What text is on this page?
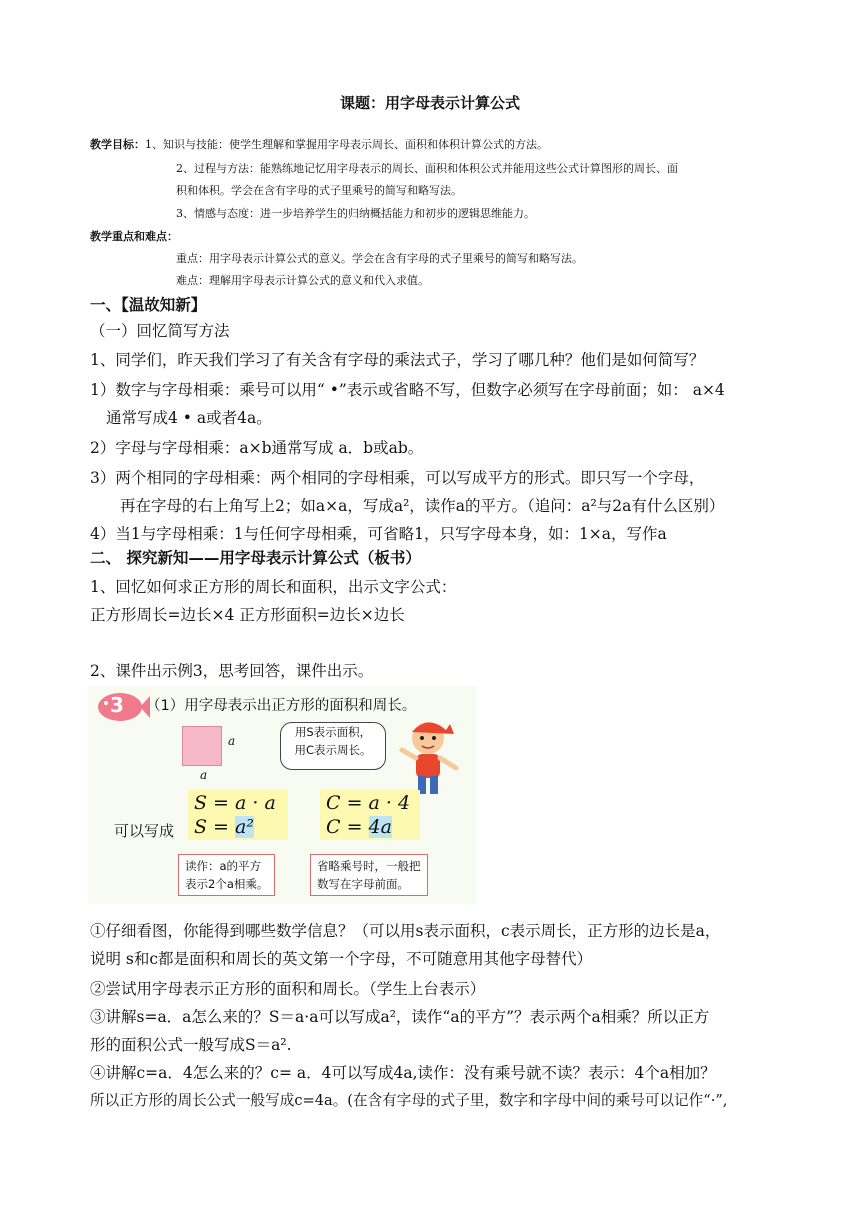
课题：用字母表示计算公式
教学目标：1、知识与技能：使学生理解和掌握用字母表示周长、面积和体积计算公式的方法。
2、过程与方法：能熟练地记忆用字母表示的周长、面积和体积公式并能用这些公式计算图形的周长、面
积和体积。学会在含有字母的式子里乘号的简写和略写法。
3、情感与态度：进一步培养学生的归纳概括能力和初步的逻辑思维能力。
教学重点和难点：
重点：用字母表示计算公式的意义。学会在含有字母的式子里乘号的简写和略写法。
难点：理解用字母表示计算公式的意义和代入求值。
一、【温故知新】
（一）回忆简写方法
1、同学们，昨天我们学习了有关含有字母的乘法式子，学习了哪几种？他们是如何简写？
1）数字与字母相乘：乘号可以用“ •”表示或省略不写，但数字必须写在字母前面；如： a×4
通常写成4 • a或者4a。
2）字母与字母相乘：a×b通常写成 a．b或ab。
3）两个相同的字母相乘：两个相同的字母相乘，可以写成平方的形式。即只写一个字母，
再在字母的右上角写上2；如a×a，写成a²，读作a的平方。（追问：a²与2a有什么区别）
4）当1与字母相乘：1与任何字母相乘，可省略1，只写字母本身，如：1×a，写作a
二、 探究新知——用字母表示计算公式（板书）
1、回忆如何求正方形的周长和面积，出示文字公式：
正方形周长=边长×4 正方形面积=边长×边长
2、课件出示例3，思考回答，课件出示。
3 （1）用字母表示出正方形的面积和周长。
a
a
用S表示面积，
用C表示周长。
S = a · a
S = a²
C = a · 4
C = 4a
可以写成
读作：a的平方
表示2个a相乘。
省略乘号时，一般把
数写在字母前面。
①仔细看图，你能得到哪些数学信息？（可以用s表示面积，c表示周长，正方形的边长是a，
说明 s和c都是面积和周长的英文第一个字母，不可随意用其他字母替代）
②尝试用字母表示正方形的面积和周长。（学生上台表示）
③讲解s=a．a怎么来的？S＝a·a可以写成a²，读作“a的平方”？表示两个a相乘？所以正方
形的面积公式一般写成S＝a².
④讲解c=a．4怎么来的？c= a．4可以写成4a,读作：没有乘号就不读？表示：4个a相加？
所以正方形的周长公式一般写成c=4a。(在含有字母的式子里，数字和字母中间的乘号可以记作“·”,
